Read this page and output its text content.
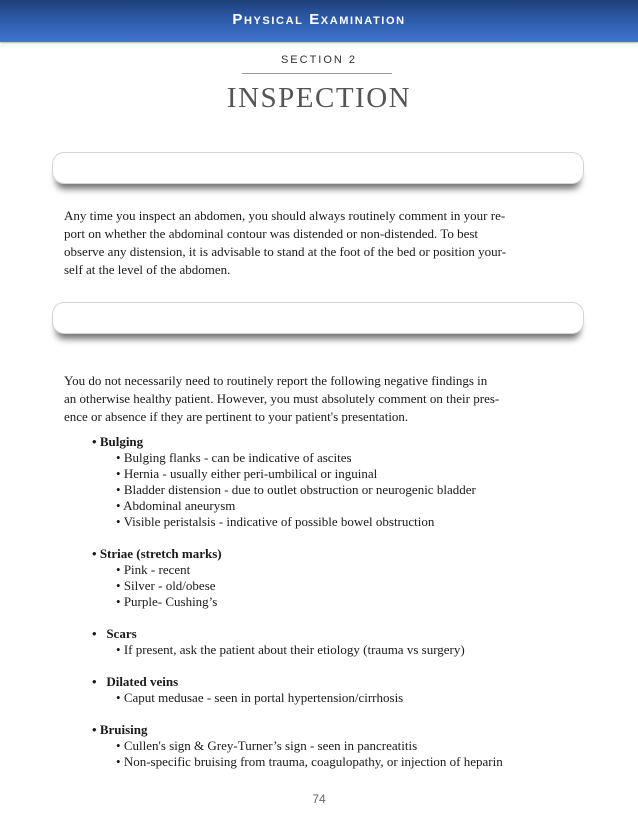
Physical Examination
SECTION 2
INSPECTION

Any time you inspect an abdomen, you should always routinely comment in your re-
port on whether the abdominal contour was distended or non-distended. To best
observe any distension, it is advisable to stand at the foot of the bed or position your-
self at the level of the abdomen.

You do not necessarily need to routinely report the following negative findings in
an otherwise healthy patient. However, you must absolutely comment on their pres-
ence or absence if they are pertinent to your patient's presentation.

• Bulging
• Bulging flanks - can be indicative of ascites
• Hernia - usually either peri-umbilical or inguinal
• Bladder distension - due to outlet obstruction or neurogenic bladder
• Abdominal aneurysm
• Visible peristalsis - indicative of possible bowel obstruction
• Striae (stretch marks)
• Pink - recent
• Silver - old/obese
• Purple- Cushing’s
• Scars
• If present, ask the patient about their etiology (trauma vs surgery)
• Dilated veins
• Caput medusae - seen in portal hypertension/cirrhosis
• Bruising
• Cullen's sign & Grey-Turner’s sign - seen in pancreatitis
• Non-specific bruising from trauma, coagulopathy, or injection of heparin
74
